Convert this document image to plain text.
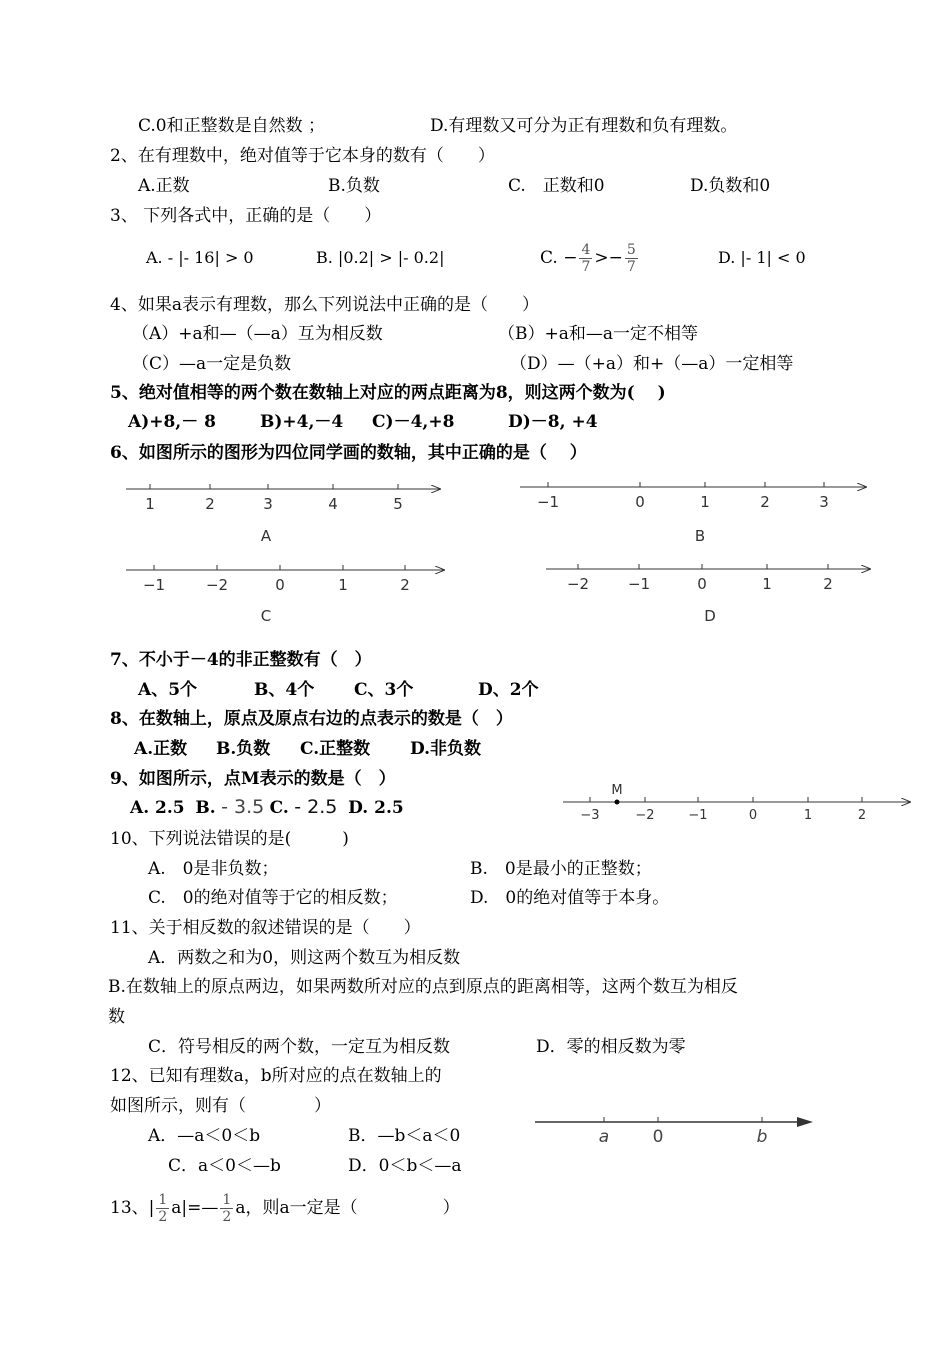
C.0和正整数是自然数 ；	D.有理数又可分为正有理数和负有理数。
2、在有理数中，绝对值等于它本身的数有（　　）
A.正数	B.负数	C.　正数和0	D.负数和0
3、 下列各式中，正确的是（　　）
A. - |- 16| > 0	B. |0.2| > |- 0.2|	C. − $\frac{4}{7} >- \frac{5}{7}$	D. |- 1| < 0
4、如果a表示有理数，那么下列说法中正确的是（　　）
（A）+a和—（—a）互为相反数	（B）+a和—a一定不相等
（C）—a一定是负数	（D）—（+a）和+（—a）一定相等
5、绝对值相等的两个数在数轴上对应的两点距离为8，则这两个数为(　 )
A)+8,－ 8	B)+4,－4 C)－4,+8	D)－8, +4
6、如图所示的图形为四位同学画的数轴，其中正确的是（　 ）
1	2	3	4	5
A
−1	0	1	2	3
B
−1	−2	0	1	2
C
−2	−1	0	1	2
D
7、不小于－4的非正整数有（　）
A、5个	B、4个 C、3个	D、2个
8、在数轴上，原点及原点右边的点表示的数是（　）
A.正数 B.负数 C.正整数 D.非负数
9、如图所示，点M表示的数是（　）
A. 2.5 B. - 3.5 C. - 2.5 D. 2.5
M
−3	−2	−1	0	1	2
10、下列说法错误的是(　　　)
A.　0是非负数；	B.　0是最小的正整数；
C.　0的绝对值等于它的相反数；	D.　0的绝对值等于本身。
11、关于相反数的叙述错误的是（　　）
A．两数之和为0，则这两个数互为相反数
B.在数轴上的原点两边，如果两数所对应的点到原点的距离相等，这两个数互为相反
数
C．符号相反的两个数，一定互为相反数	D．零的相反数为零
12、已知有理数a，b所对应的点在数轴上的
如图所示，则有（　　　　）
A．—a＜0＜b	B．—b＜a＜0
C．a＜0＜—b	D．0＜b＜—a
a	0	b
13、| $\frac{1}{2}$ a|=— $\frac{1}{2}$ a，则a一定是（　　　　　）
